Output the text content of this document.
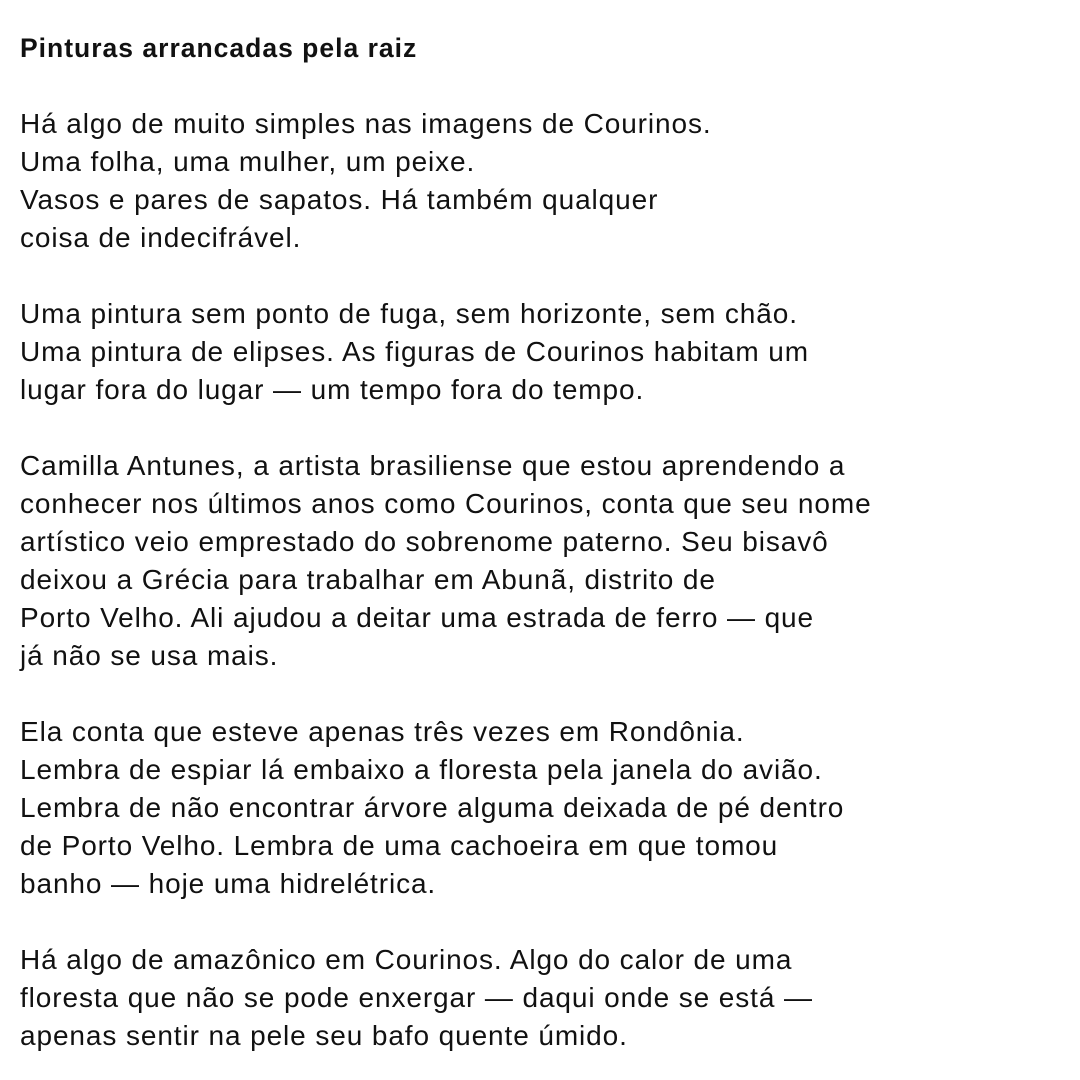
Pinturas arrancadas pela raiz

Há algo de muito simples nas imagens de Courinos.
Uma folha, uma mulher, um peixe.
Vasos e pares de sapatos. Há também qualquer
coisa de indecifrável.

Uma pintura sem ponto de fuga, sem horizonte, sem chão.
Uma pintura de elipses. As figuras de Courinos habitam um
lugar fora do lugar — um tempo fora do tempo.

Camilla Antunes, a artista brasiliense que estou aprendendo a
conhecer nos últimos anos como Courinos, conta que seu nome
artístico veio emprestado do sobrenome paterno. Seu bisavô
deixou a Grécia para trabalhar em Abunã, distrito de
Porto Velho. Ali ajudou a deitar uma estrada de ferro — que
já não se usa mais.

Ela conta que esteve apenas três vezes em Rondônia.
Lembra de espiar lá embaixo a floresta pela janela do avião.
Lembra de não encontrar árvore alguma deixada de pé dentro
de Porto Velho. Lembra de uma cachoeira em que tomou
banho — hoje uma hidrelétrica.

Há algo de amazônico em Courinos. Algo do calor de uma
floresta que não se pode enxergar — daqui onde se está —
apenas sentir na pele seu bafo quente úmido.
